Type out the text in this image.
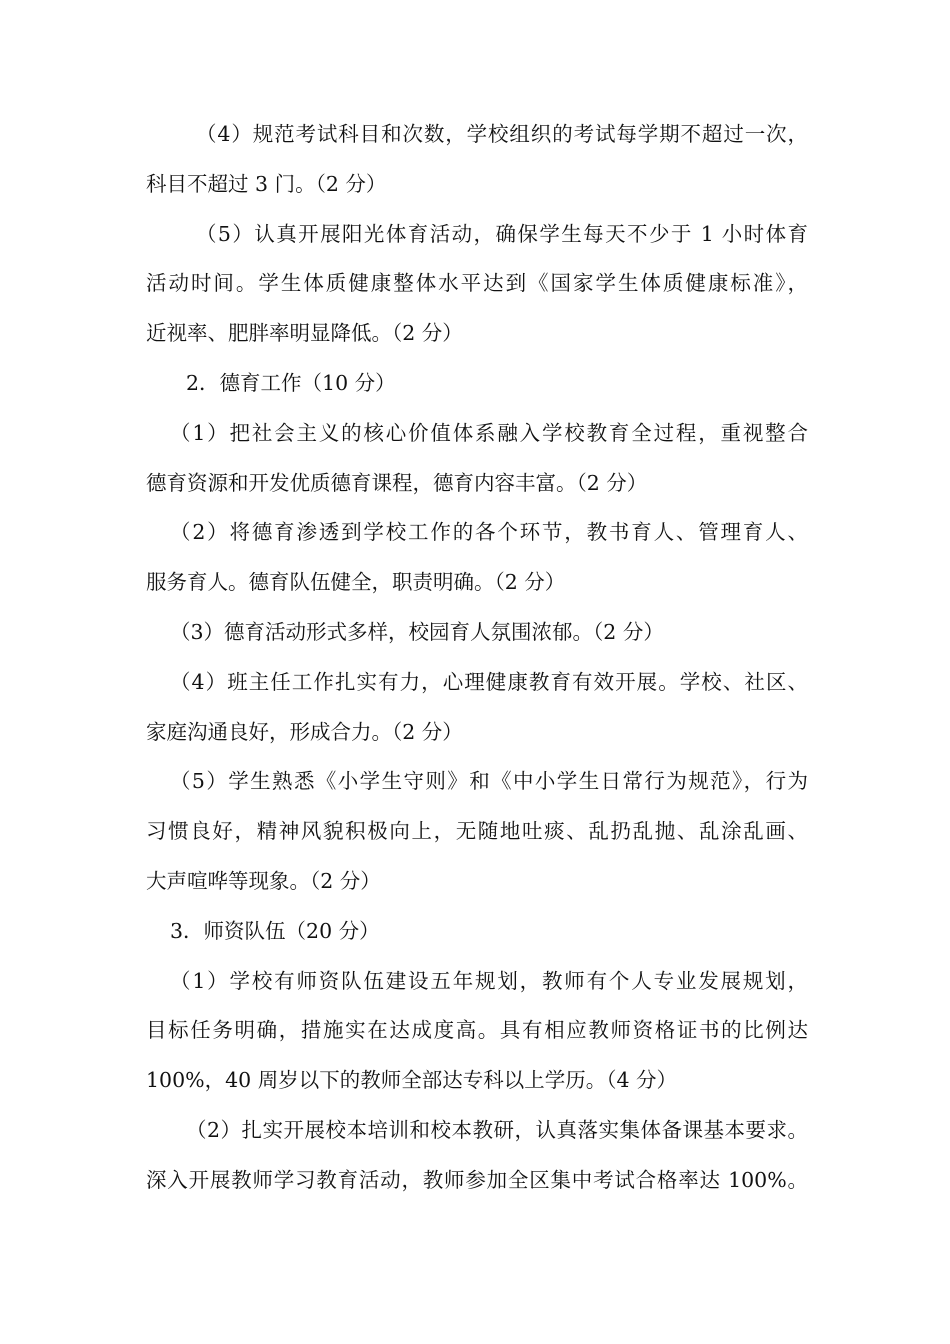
（4）规范考试科目和次数，学校组织的考试每学期不超过一次，
科目不超过 3 门。（2 分）
（5）认真开展阳光体育活动，确保学生每天不少于 1 小时体育
活动时间。学生体质健康整体水平达到《国家学生体质健康标准》，
近视率、肥胖率明显降低。（2 分）
2．德育工作（10 分）
（1）把社会主义的核心价值体系融入学校教育全过程，重视整合
德育资源和开发优质德育课程，德育内容丰富。（2 分）
（2）将德育渗透到学校工作的各个环节，教书育人、管理育人、
服务育人。德育队伍健全，职责明确。（2 分）
（3）德育活动形式多样，校园育人氛围浓郁。（2 分）
（4）班主任工作扎实有力，心理健康教育有效开展。学校、社区、
家庭沟通良好，形成合力。（2 分）
（5）学生熟悉《小学生守则》和《中小学生日常行为规范》，行为
习惯良好，精神风貌积极向上，无随地吐痰、乱扔乱抛、乱涂乱画、
大声喧哗等现象。（2 分）
3．师资队伍（20 分）
（1）学校有师资队伍建设五年规划，教师有个人专业发展规划，
目标任务明确，措施实在达成度高。具有相应教师资格证书的比例达
100%，40 周岁以下的教师全部达专科以上学历。（4 分）
（2）扎实开展校本培训和校本教研，认真落实集体备课基本要求。
深入开展教师学习教育活动，教师参加全区集中考试合格率达 100%。
